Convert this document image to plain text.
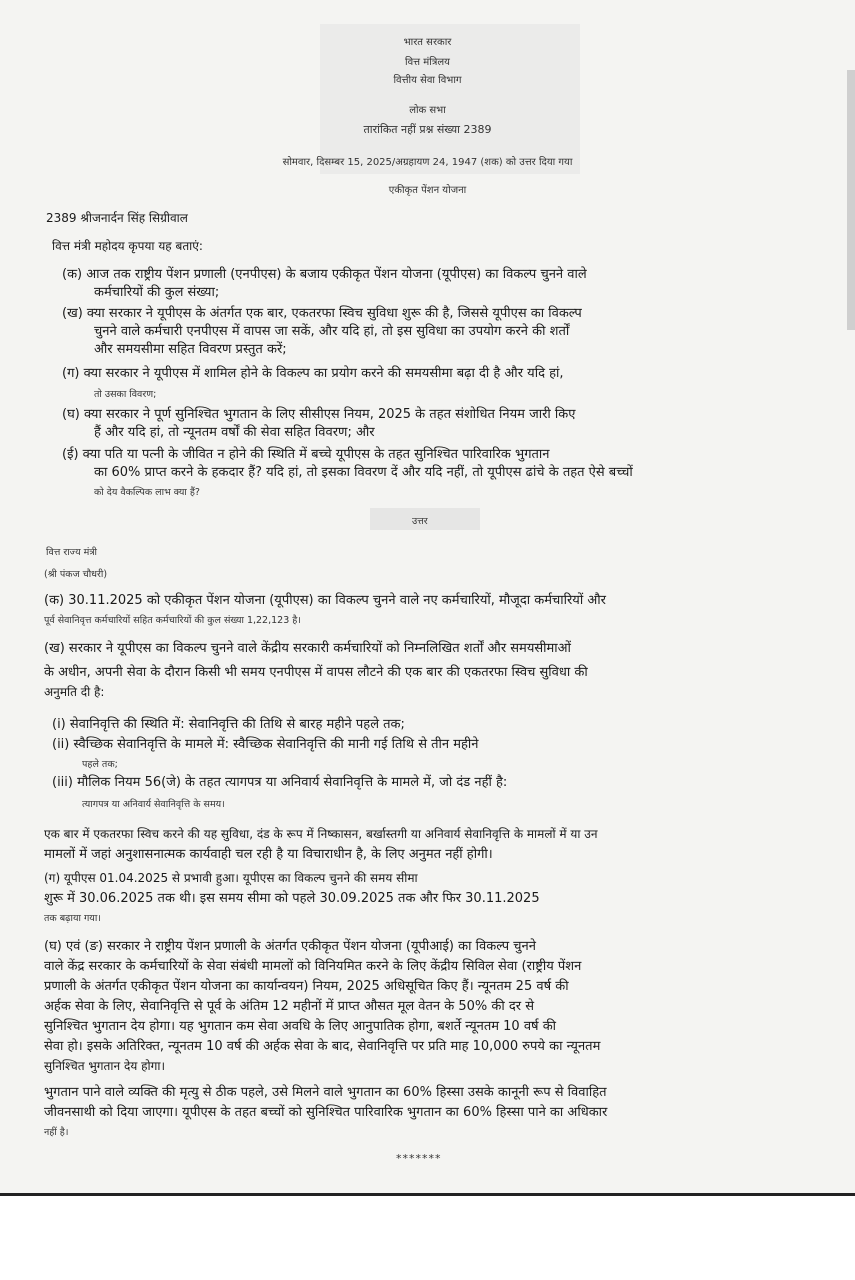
भारत सरकार
वित्त मंत्रिलय
वित्तीय सेवा विभाग
लोक सभा
तारांकित नहीं प्रश्न संख्या 2389
सोमवार, दिसम्बर 15, 2025/अग्रहायण 24, 1947 (शक) को उत्तर दिया गया
एकीकृत पेंशन योजना
2389 श्रीजनार्दन सिंह सिग्रीवाल
वित्त मंत्री महोदय कृपया यह बताएं:
(क) आज तक राष्ट्रीय पेंशन प्रणाली (एनपीएस) के बजाय एकीकृत पेंशन योजना (यूपीएस) का विकल्प चुनने वाले
कर्मचारियों की कुल संख्या;
(ख) क्या सरकार ने यूपीएस के अंतर्गत एक बार, एकतरफा स्विच सुविधा शुरू की है, जिससे यूपीएस का विकल्प
चुनने वाले कर्मचारी एनपीएस में वापस जा सकें, और यदि हां, तो इस सुविधा का उपयोग करने की शर्तों
और समयसीमा सहित विवरण प्रस्तुत करें;
(ग) क्या सरकार ने यूपीएस में शामिल होने के विकल्प का प्रयोग करने की समयसीमा बढ़ा दी है और यदि हां,
तो उसका विवरण;
(घ) क्या सरकार ने पूर्ण सुनिश्चित भुगतान के लिए सीसीएस नियम, 2025 के तहत संशोधित नियम जारी किए
हैं और यदि हां, तो न्यूनतम वर्षों की सेवा सहित विवरण; और
(ई) क्या पति या पत्नी के जीवित न होने की स्थिति में बच्चे यूपीएस के तहत सुनिश्चित पारिवारिक भुगतान
का 60% प्राप्त करने के हकदार हैं? यदि हां, तो इसका विवरण दें और यदि नहीं, तो यूपीएस ढांचे के तहत ऐसे बच्चों
को देय वैकल्पिक लाभ क्या हैं?
उत्तर
वित्त राज्य मंत्री
(श्री पंकज चौधरी)
(क) 30.11.2025 को एकीकृत पेंशन योजना (यूपीएस) का विकल्प चुनने वाले नए कर्मचारियों, मौजूदा कर्मचारियों और
पूर्व सेवानिवृत्त कर्मचारियों सहित कर्मचारियों की कुल संख्या 1,22,123 है।
(ख) सरकार ने यूपीएस का विकल्प चुनने वाले केंद्रीय सरकारी कर्मचारियों को निम्नलिखित शर्तों और समयसीमाओं
के अधीन, अपनी सेवा के दौरान किसी भी समय एनपीएस में वापस लौटने की एक बार की एकतरफा स्विच सुविधा की
अनुमति दी है:
(i) सेवानिवृत्ति की स्थिति में: सेवानिवृत्ति की तिथि से बारह महीने पहले तक;
(ii) स्वैच्छिक सेवानिवृत्ति के मामले में: स्वैच्छिक सेवानिवृत्ति की मानी गई तिथि से तीन महीने
पहले तक;
(iii) मौलिक नियम 56(जे) के तहत त्यागपत्र या अनिवार्य सेवानिवृत्ति के मामले में, जो दंड नहीं है:
त्यागपत्र या अनिवार्य सेवानिवृत्ति के समय।
एक बार में एकतरफा स्विच करने की यह सुविधा, दंड के रूप में निष्कासन, बर्खास्तगी या अनिवार्य सेवानिवृत्ति के मामलों में या उन
मामलों में जहां अनुशासनात्मक कार्यवाही चल रही है या विचाराधीन है, के लिए अनुमत नहीं होगी।
(ग) यूपीएस 01.04.2025 से प्रभावी हुआ। यूपीएस का विकल्प चुनने की समय सीमा
शुरू में 30.06.2025 तक थी। इस समय सीमा को पहले 30.09.2025 तक और फिर 30.11.2025
तक बढ़ाया गया।
(घ) एवं (ङ) सरकार ने राष्ट्रीय पेंशन प्रणाली के अंतर्गत एकीकृत पेंशन योजना (यूपीआई) का विकल्प चुनने
वाले केंद्र सरकार के कर्मचारियों के सेवा संबंधी मामलों को विनियमित करने के लिए केंद्रीय सिविल सेवा (राष्ट्रीय पेंशन
प्रणाली के अंतर्गत एकीकृत पेंशन योजना का कार्यान्वयन) नियम, 2025 अधिसूचित किए हैं। न्यूनतम 25 वर्ष की
अर्हक सेवा के लिए, सेवानिवृत्ति से पूर्व के अंतिम 12 महीनों में प्राप्त औसत मूल वेतन के 50% की दर से
सुनिश्चित भुगतान देय होगा। यह भुगतान कम सेवा अवधि के लिए आनुपातिक होगा, बशर्ते न्यूनतम 10 वर्ष की
सेवा हो। इसके अतिरिक्त, न्यूनतम 10 वर्ष की अर्हक सेवा के बाद, सेवानिवृत्ति पर प्रति माह 10,000 रुपये का न्यूनतम
सुनिश्चित भुगतान देय होगा।
भुगतान पाने वाले व्यक्ति की मृत्यु से ठीक पहले, उसे मिलने वाले भुगतान का 60% हिस्सा उसके कानूनी रूप से विवाहित
जीवनसाथी को दिया जाएगा। यूपीएस के तहत बच्चों को सुनिश्चित पारिवारिक भुगतान का 60% हिस्सा पाने का अधिकार
नहीं है।
*******
